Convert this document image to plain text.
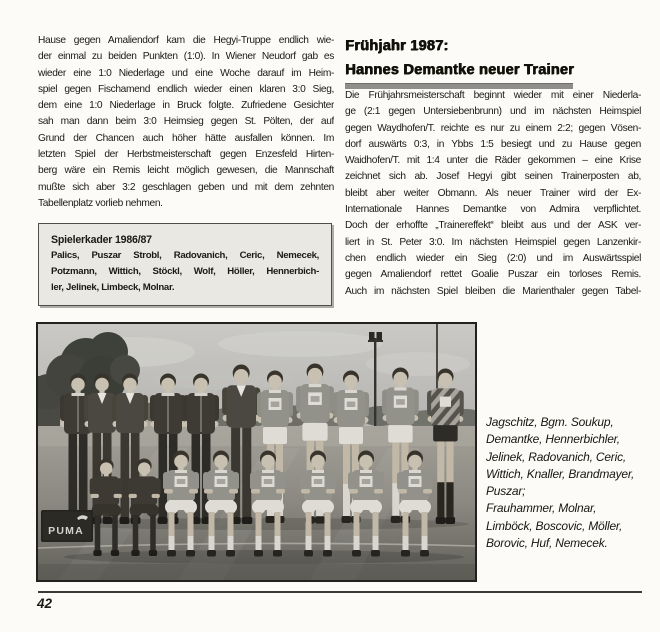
Hause gegen Amaliendorf kam die Hegyi-Truppe endlich wie-
der einmal zu beiden Punkten (1:0). In Wiener Neudorf gab es
wieder eine 1:0 Niederlage und eine Woche darauf im Heim-
spiel gegen Fischamend endlich wieder einen klaren 3:0 Sieg,
dem eine 1:0 Niederlage in Bruck folgte. Zufriedene Gesichter
sah man dann beim 3:0 Heimsieg gegen St. Pölten, der auf
Grund der Chancen auch höher hätte ausfallen können. Im
letzten Spiel der Herbstmeisterschaft gegen Enzesfeld Hirten-
berg wäre ein Remis leicht möglich gewesen, die Mannschaft
mußte sich aber 3:2 geschlagen geben und mit dem zehnten
Tabellenplatz vorlieb nehmen.
Spielerkader 1986/87
Palics, Puszar Strobl, Radovanich, Ceric, Nemecek,
Potzmann, Wittich, Stöckl, Wolf, Höller, Hennerbich-
ler, Jelinek, Limbeck, Molnar.
Frühjahr 1987:
Hannes Demantke neuer Trainer
Die Frühjahrsmeisterschaft beginnt wieder mit einer Niederla-
ge (2:1 gegen Untersiebenbrunn) und im nächsten Heimspiel
gegen Waydhofen/T. reichte es nur zu einem 2:2; gegen Vösen-
dorf auswärts 0:3, in Ybbs 1:5 besiegt und zu Hause gegen
Waidhofen/T. mit 1:4 unter die Räder gekommen – eine Krise
zeichnet sich ab. Josef Hegyi gibt seinen Trainerposten ab,
bleibt aber weiter Obmann. Als neuer Trainer wird der Ex-
Internationale Hannes Demantke von Admira verpflichtet.
Doch der erhoffte „Trainereffekt“ bleibt aus und der ASK ver-
liert in St. Peter 3:0. Im nächsten Heimspiel gegen Lanzenkir-
chen endlich wieder ein Sieg (2:0) und im Auswärtsspiel
gegen Amaliendorf rettet Goalie Puszar ein torloses Remis.
Auch im nächsten Spiel bleiben die Marienthaler gegen Tabel-
PUMA
Jagschitz, Bgm. Soukup,
Demantke, Hennerbichler,
Jelinek, Radovanich, Ceric,
Wittich, Knaller, Brandmayer,
Puszar;
Frauhammer, Molnar,
Limböck, Boscovic, Möller,
Borovic, Huf, Nemecek.
42
